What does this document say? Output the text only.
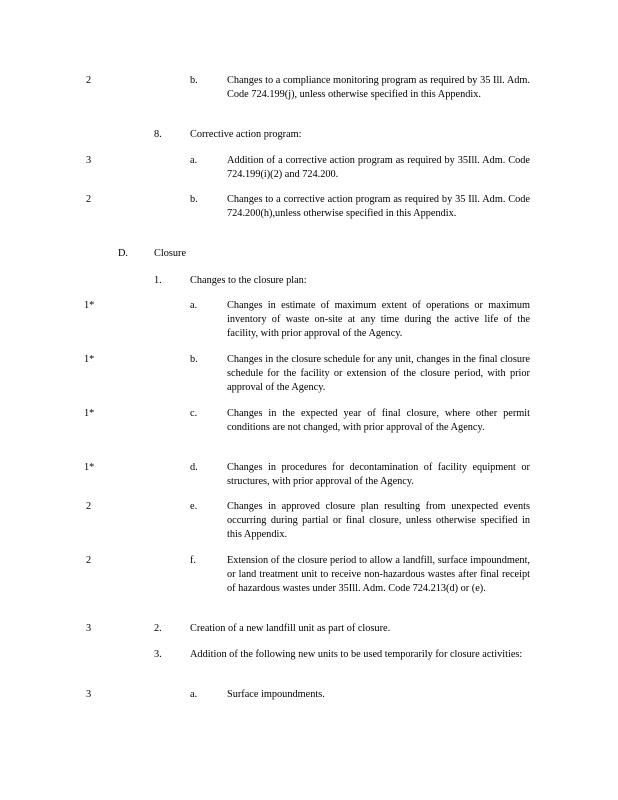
2	b.	Changes to a compliance monitoring program as required by 35 Ill. Adm. Code 724.199(j), unless otherwise specified in this Appendix.
8.	Corrective action program:
3	a.	Addition of a corrective action program as required by 35Ill. Adm. Code 724.199(i)(2) and 724.200.
2	b.	Changes to a corrective action program as required by 35 Ill. Adm. Code 724.200(h),unless otherwise specified in this Appendix.
D.	Closure
1.	Changes to the closure plan:
1*	a.	Changes in estimate of maximum extent of operations or maximum inventory of waste on-site at any time during the active life of the facility, with prior approval of the Agency.
1*	b.	Changes in the closure schedule for any unit, changes in the final closure schedule for the facility or extension of the closure period, with prior approval of the Agency.
1*	c.	Changes in the expected year of final closure, where other permit conditions are not changed, with prior approval of the Agency.
1*	d.	Changes in procedures for decontamination of facility equipment or structures, with prior approval of the Agency.
2	e.	Changes in approved closure plan resulting from unexpected events occurring during partial or final closure, unless otherwise specified in this Appendix.
2	f.	Extension of the closure period to allow a landfill, surface impoundment, or land treatment unit to receive non-hazardous wastes after final receipt of hazardous wastes under 35Ill. Adm. Code 724.213(d) or (e).
3	2.	Creation of a new landfill unit as part of closure.
3.	Addition of the following new units to be used temporarily for closure activities:
3	a.	Surface impoundments.
